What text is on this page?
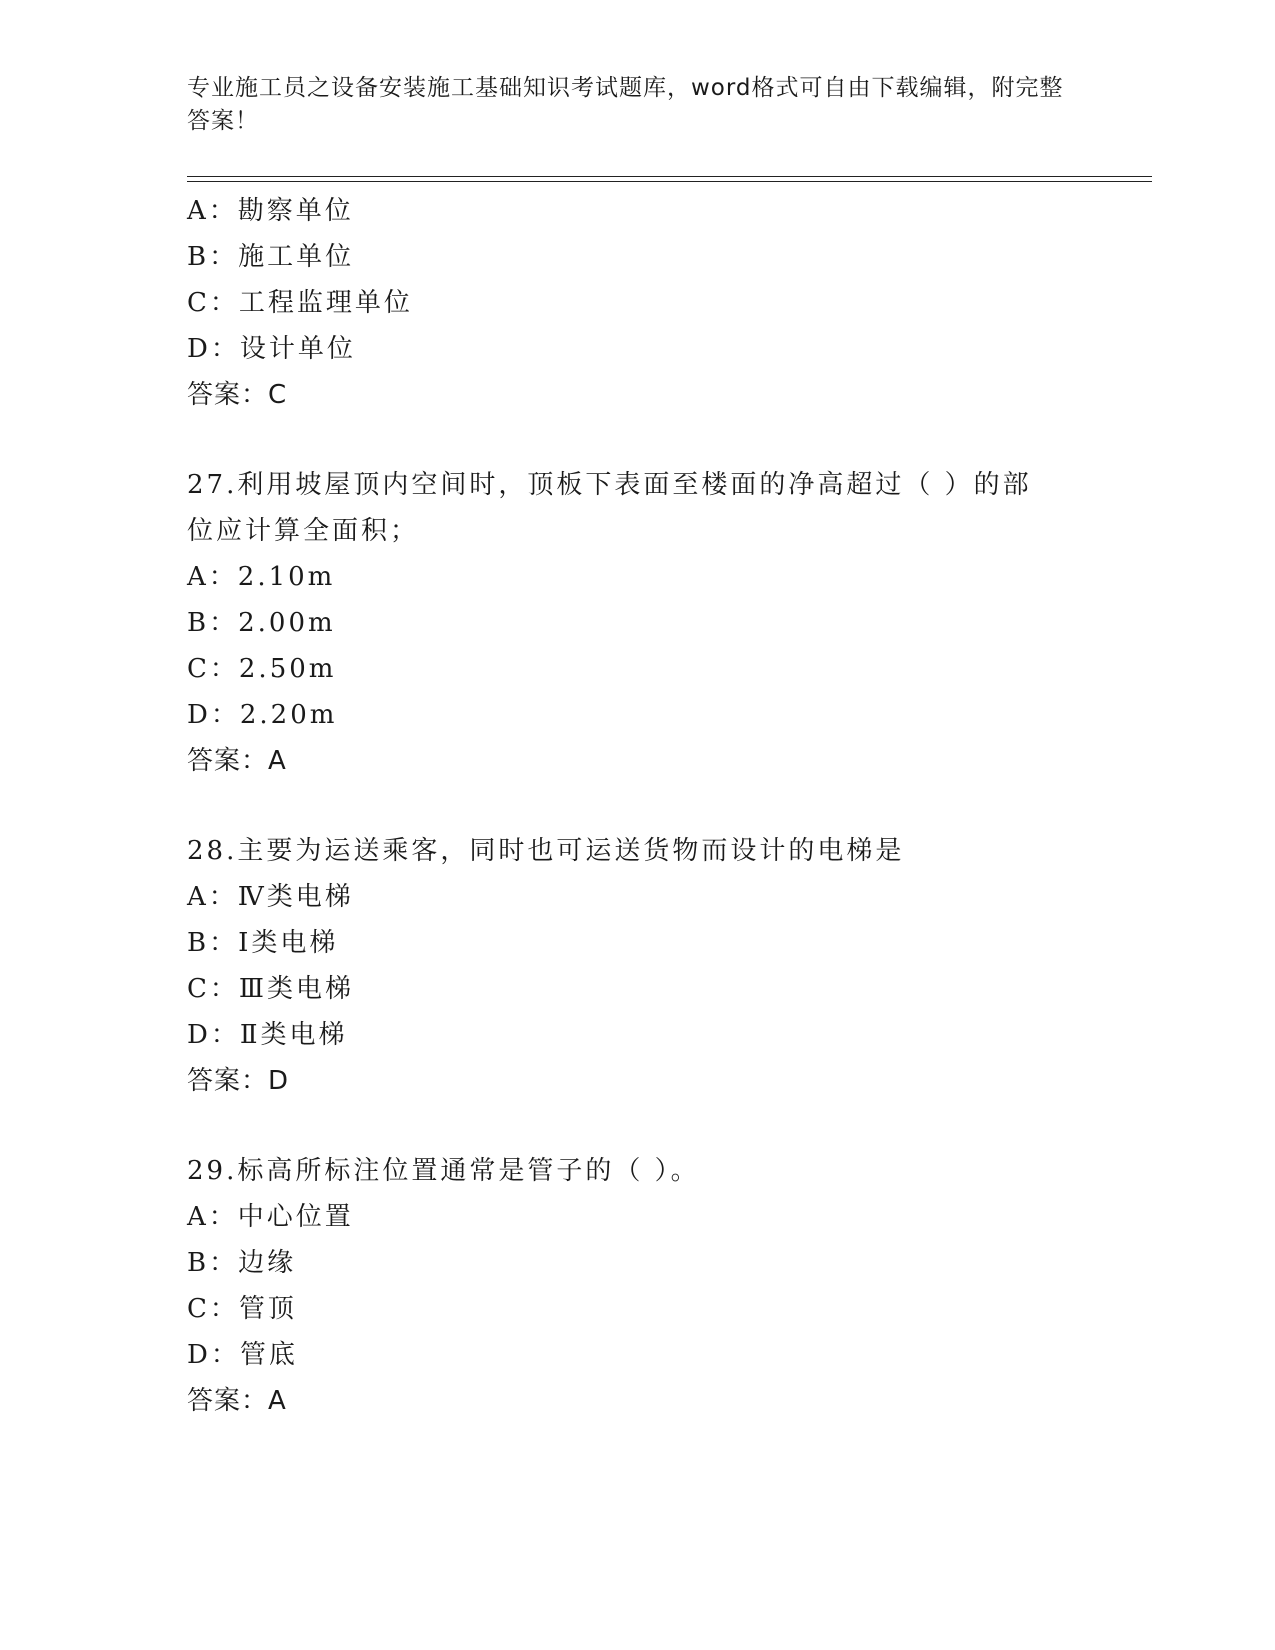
专业施工员之设备安装施工基础知识考试题库，word格式可自由下载编辑，附完整答案！
A：勘察单位
B：施工单位
C：工程监理单位
D：设计单位
答案：C
27.利用坡屋顶内空间时，顶板下表面至楼面的净高超过（ ）的部位应计算全面积；
A：2.10m
B：2.00m
C：2.50m
D：2.20m
答案：A
28.主要为运送乘客，同时也可运送货物而设计的电梯是
A：Ⅳ类电梯
B：Ⅰ类电梯
C：Ⅲ类电梯
D：Ⅱ类电梯
答案：D
29.标高所标注位置通常是管子的（ ）。
A：中心位置
B：边缘
C：管顶
D：管底
答案：A
